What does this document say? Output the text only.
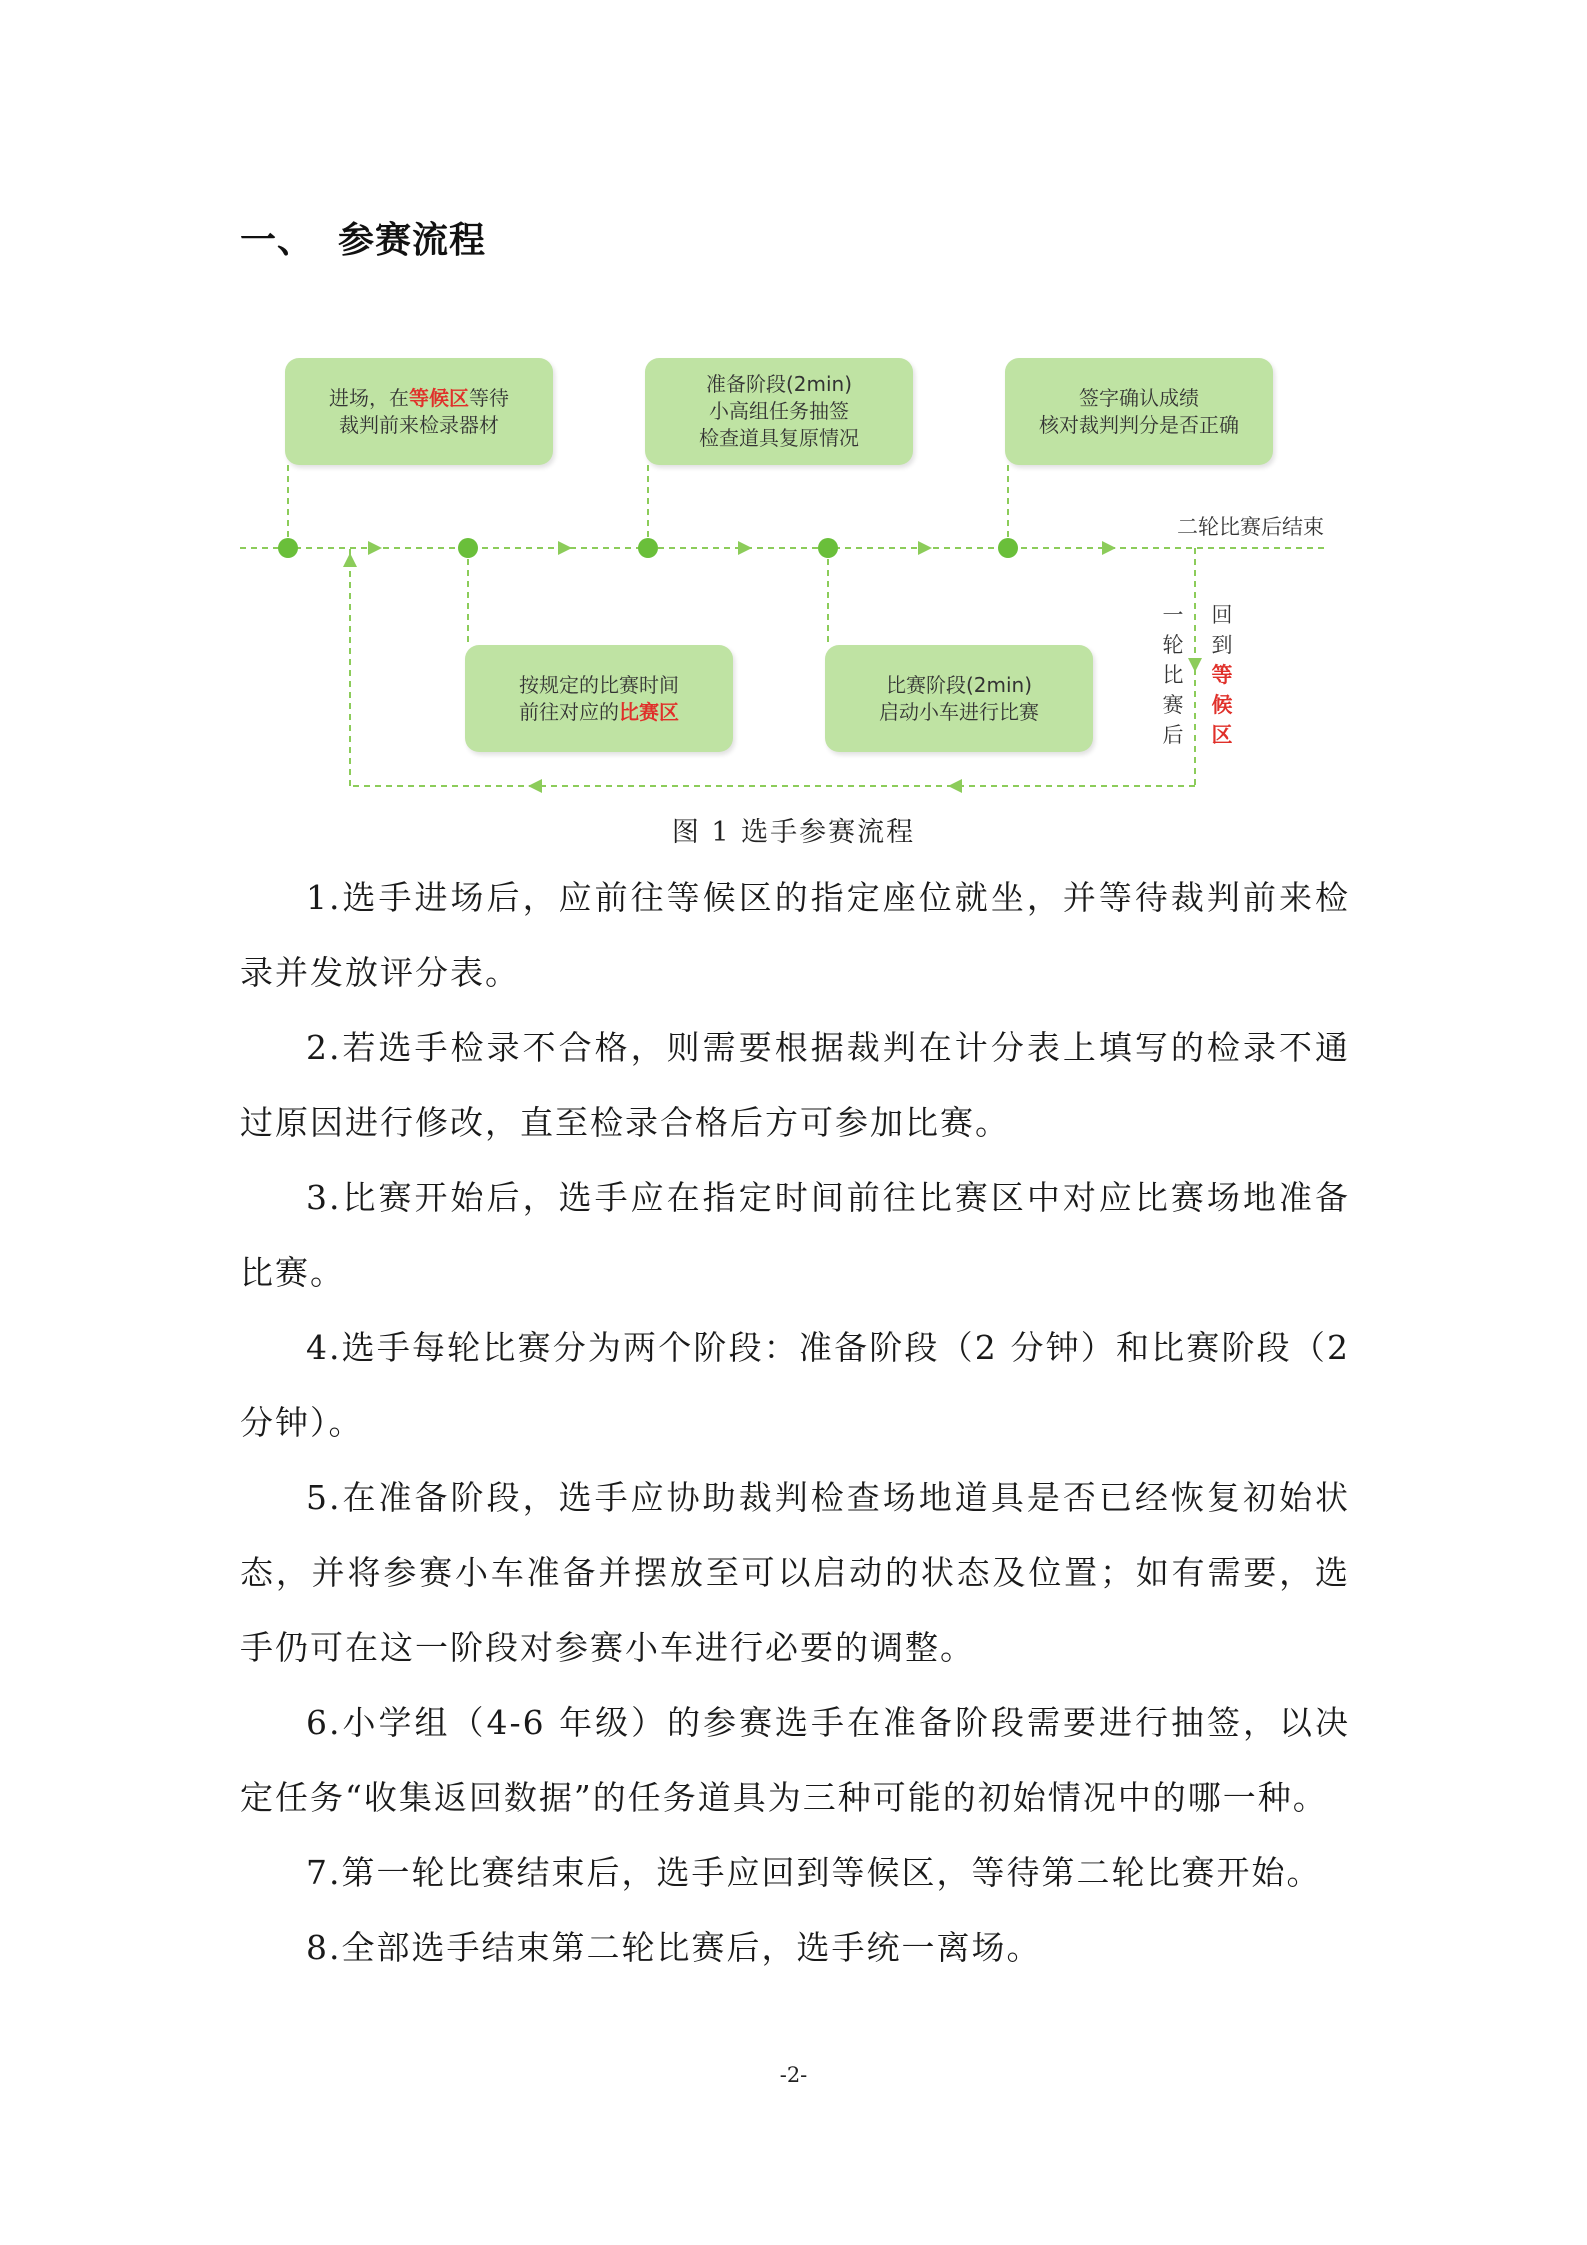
一、 参赛流程
进场，在等候区等待
裁判前来检录器材
准备阶段(2min)
小高组任务抽签
检查道具复原情况
签字确认成绩
核对裁判判分是否正确
按规定的比赛时间
前往对应的比赛区
比赛阶段(2min)
启动小车进行比赛
二轮比赛后结束
一轮比赛后
回到等候区
图 1 选手参赛流程

1.选手进场后，应前往等候区的指定座位就坐，并等待裁判前来检录并发放评分表。

2.若选手检录不合格，则需要根据裁判在计分表上填写的检录不通过原因进行修改，直至检录合格后方可参加比赛。

3.比赛开始后，选手应在指定时间前往比赛区中对应比赛场地准备比赛。

4.选手每轮比赛分为两个阶段：准备阶段（2 分钟）和比赛阶段（2 分钟）。

5.在准备阶段，选手应协助裁判检查场地道具是否已经恢复初始状态，并将参赛小车准备并摆放至可以启动的状态及位置；如有需要，选手仍可在这一阶段对参赛小车进行必要的调整。

6.小学组（4-6 年级）的参赛选手在准备阶段需要进行抽签，以决定任务“收集返回数据”的任务道具为三种可能的初始情况中的哪一种。

7.第一轮比赛结束后，选手应回到等候区，等待第二轮比赛开始。

8.全部选手结束第二轮比赛后，选手统一离场。

-2-
